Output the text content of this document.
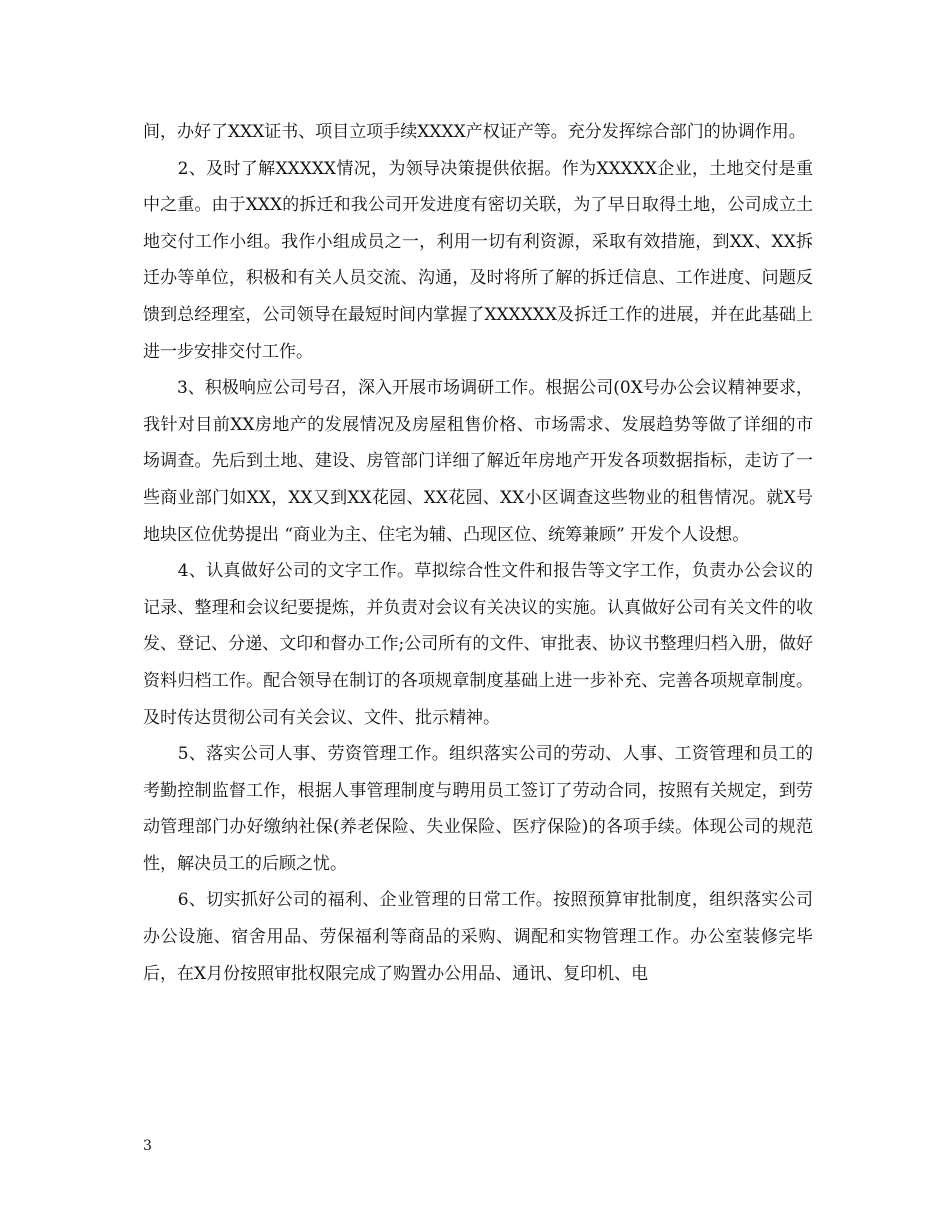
间，办好了XXX证书、项目立项手续XXXX产权证产等。充分发挥综合部门的协调作用。

　　2、及时了解XXXXX情况，为领导决策提供依据。作为XXXXX企业，土地交付是重中之重。由于XXX的拆迁和我公司开发进度有密切关联，为了早日取得土地，公司成立土地交付工作小组。我作小组成员之一，利用一切有利资源，采取有效措施，到XX、XX拆迁办等单位，积极和有关人员交流、沟通，及时将所了解的拆迁信息、工作进度、问题反馈到总经理室，公司领导在最短时间内掌握了XXXXXX及拆迁工作的进展，并在此基础上进一步安排交付工作。

　　3、积极响应公司号召，深入开展市场调研工作。根据公司(0X号办公会议精神要求，我针对目前XX房地产的发展情况及房屋租售价格、市场需求、发展趋势等做了详细的市场调查。先后到土地、建设、房管部门详细了解近年房地产开发各项数据指标，走访了一些商业部门如XX，XX又到XX花园、XX花园、XX小区调查这些物业的租售情况。就X号地块区位优势提出 “商业为主、住宅为辅、凸现区位、统筹兼顾” 开发个人设想。

　　4、认真做好公司的文字工作。草拟综合性文件和报告等文字工作，负责办公会议的记录、整理和会议纪要提炼，并负责对会议有关决议的实施。认真做好公司有关文件的收发、登记、分递、文印和督办工作;公司所有的文件、审批表、协议书整理归档入册，做好资料归档工作。配合领导在制订的各项规章制度基础上进一步补充、完善各项规章制度。及时传达贯彻公司有关会议、文件、批示精神。

　　5、落实公司人事、劳资管理工作。组织落实公司的劳动、人事、工资管理和员工的考勤控制监督工作，根据人事管理制度与聘用员工签订了劳动合同，按照有关规定，到劳动管理部门办好缴纳社保(养老保险、失业保险、医疗保险)的各项手续。体现公司的规范性，解决员工的后顾之忧。

　　6、切实抓好公司的福利、企业管理的日常工作。按照预算审批制度，组织落实公司办公设施、宿舍用品、劳保福利等商品的采购、调配和实物管理工作。办公室装修完毕后，在X月份按照审批权限完成了购置办公用品、通讯、复印机、电

3
